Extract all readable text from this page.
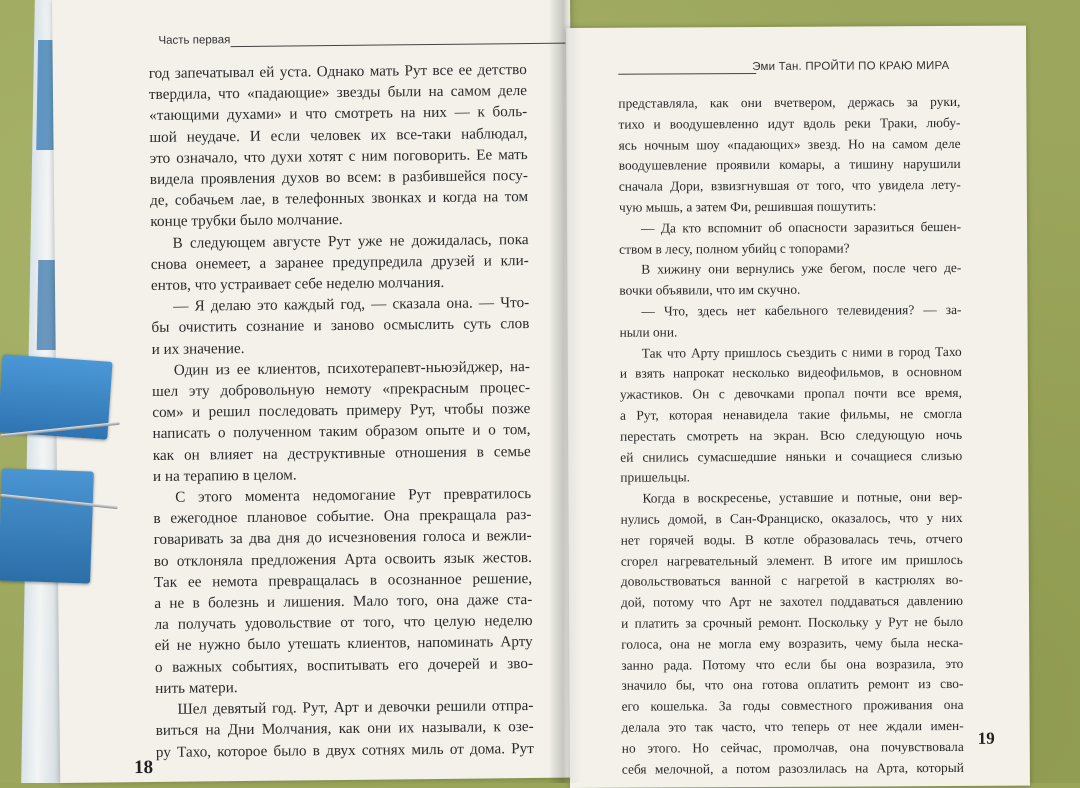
Часть первая
год запечатывал ей уста. Однако мать Рут все ее детство
твердила, что «падающие» звезды были на самом деле
«тающими духами» и что смотреть на них — к боль-
шой неудаче. И если человек их все-таки наблюдал,
это означало, что духи хотят с ним поговорить. Ее мать
видела проявления духов во всем: в разбившейся посу-
де, собачьем лае, в телефонных звонках и когда на том
конце трубки было молчание.
В следующем августе Рут уже не дожидалась, пока
снова онемеет, а заранее предупредила друзей и кли-
ентов, что устраивает себе неделю молчания.
— Я делаю это каждый год, — сказала она. — Что-
бы очистить сознание и заново осмыслить суть слов
и их значение.
Один из ее клиентов, психотерапевт-ньюэйджер, на-
шел эту добровольную немоту «прекрасным процес-
сом» и решил последовать примеру Рут, чтобы позже
написать о полученном таким образом опыте и о том,
как он влияет на деструктивные отношения в семье
и на терапию в целом.
С этого момента недомогание Рут превратилось
в ежегодное плановое событие. Она прекращала раз-
говаривать за два дня до исчезновения голоса и вежли-
во отклоняла предложения Арта освоить язык жестов.
Так ее немота превращалась в осознанное решение,
а не в болезнь и лишения. Мало того, она даже ста-
ла получать удовольствие от того, что целую неделю
ей не нужно было утешать клиентов, напоминать Арту
о важных событиях, воспитывать его дочерей и зво-
нить матери.
Шел девятый год. Рут, Арт и девочки решили отпра-
виться на Дни Молчания, как они их называли, к озе-
ру Тахо, которое было в двух сотнях миль от дома. Рут
18
Эми Тан. ПРОЙТИ ПО КРАЮ МИРА
представляла, как они вчетвером, держась за руки,
тихо и воодушевленно идут вдоль реки Траки, любу-
ясь ночным шоу «падающих» звезд. Но на самом деле
воодушевление проявили комары, а тишину нарушили
сначала Дори, взвизгнувшая от того, что увидела лету-
чую мышь, а затем Фи, решившая пошутить:
— Да кто вспомнит об опасности заразиться бешен-
ством в лесу, полном убийц с топорами?
В хижину они вернулись уже бегом, после чего де-
вочки объявили, что им скучно.
— Что, здесь нет кабельного телевидения? — за-
ныли они.
Так что Арту пришлось съездить с ними в город Тахо
и взять напрокат несколько видеофильмов, в основном
ужастиков. Он с девочками пропал почти все время,
а Рут, которая ненавидела такие фильмы, не смогла
перестать смотреть на экран. Всю следующую ночь
ей снились сумасшедшие няньки и сочащиеся слизью
пришельцы.
Когда в воскресенье, уставшие и потные, они вер-
нулись домой, в Сан-Франциско, оказалось, что у них
нет горячей воды. В котле образовалась течь, отчего
сгорел нагревательный элемент. В итоге им пришлось
довольствоваться ванной с нагретой в кастрюлях во-
дой, потому что Арт не захотел поддаваться давлению
и платить за срочный ремонт. Поскольку у Рут не было
голоса, она не могла ему возразить, чему была неска-
занно рада. Потому что если бы она возразила, это
значило бы, что она готова оплатить ремонт из сво-
его кошелька. За годы совместного проживания она
делала это так часто, что теперь от нее ждали имен-
но этого. Но сейчас, промолчав, она почувствовала
себя мелочной, а потом разозлилась на Арта, который
19
